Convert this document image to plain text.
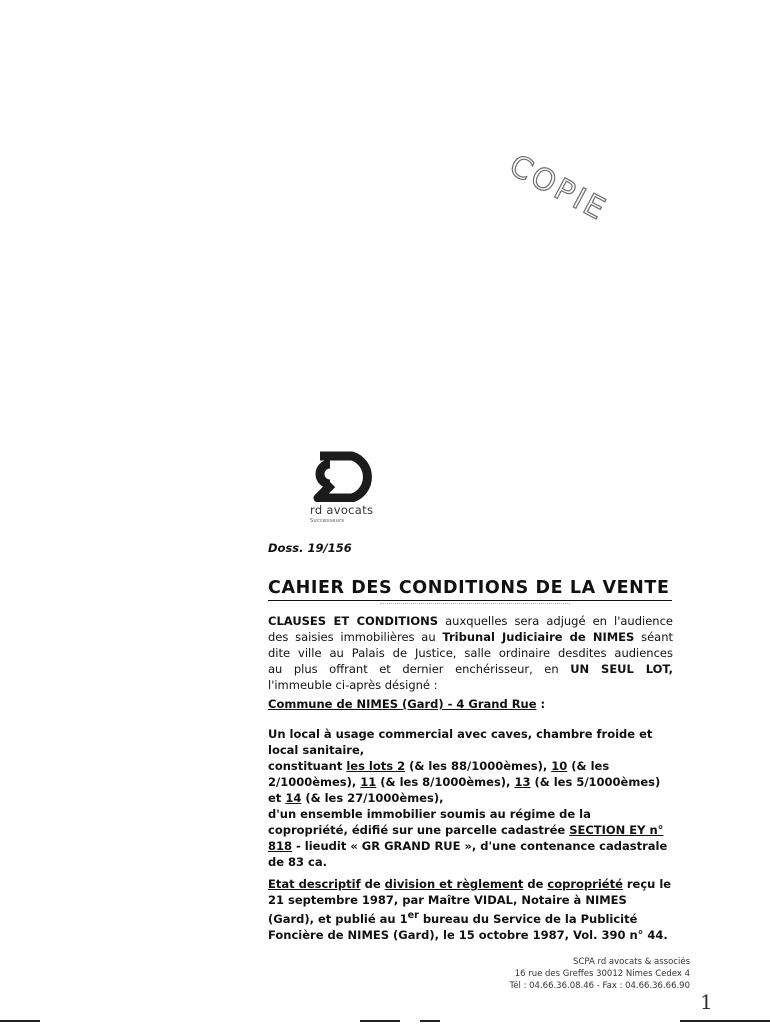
COPIE
rd avocats
Successeurs
Doss. 19/156
CAHIER DES CONDITIONS DE LA VENTE
CLAUSES ET CONDITIONS auxquelles sera adjugé en l'audience
des saisies immobilières au Tribunal Judiciaire de NIMES séant
dite ville au Palais de Justice, salle ordinaire desdites audiences
au plus offrant et dernier enchérisseur, en UN SEUL LOT,
l'immeuble ci-après désigné :
Commune de NIMES (Gard) - 4 Grand Rue :
Un local à usage commercial avec caves, chambre froide et local sanitaire,
constituant les lots 2 (& les 88/1000èmes), 10 (& les 2/1000èmes), 11 (& les 8/1000èmes), 13 (& les 5/1000èmes) et 14 (& les 27/1000èmes),
d'un ensemble immobilier soumis au régime de la copropriété, édifié sur une parcelle cadastrée SECTION EY n° 818 - lieudit « GR GRAND RUE », d'une contenance cadastrale de 83 ca.
Etat descriptif de division et règlement de copropriété reçu le 21 septembre 1987, par Maître VIDAL, Notaire à NIMES (Gard), et publié au 1er bureau du Service de la Publicité Foncière de NIMES (Gard), le 15 octobre 1987, Vol. 390 n° 44.
SCPA rd avocats & associés
16 rue des Greffes 30012 Nimes Cedex 4
Tél : 04.66.36.08.46 - Fax : 04.66.36.66.90
1
